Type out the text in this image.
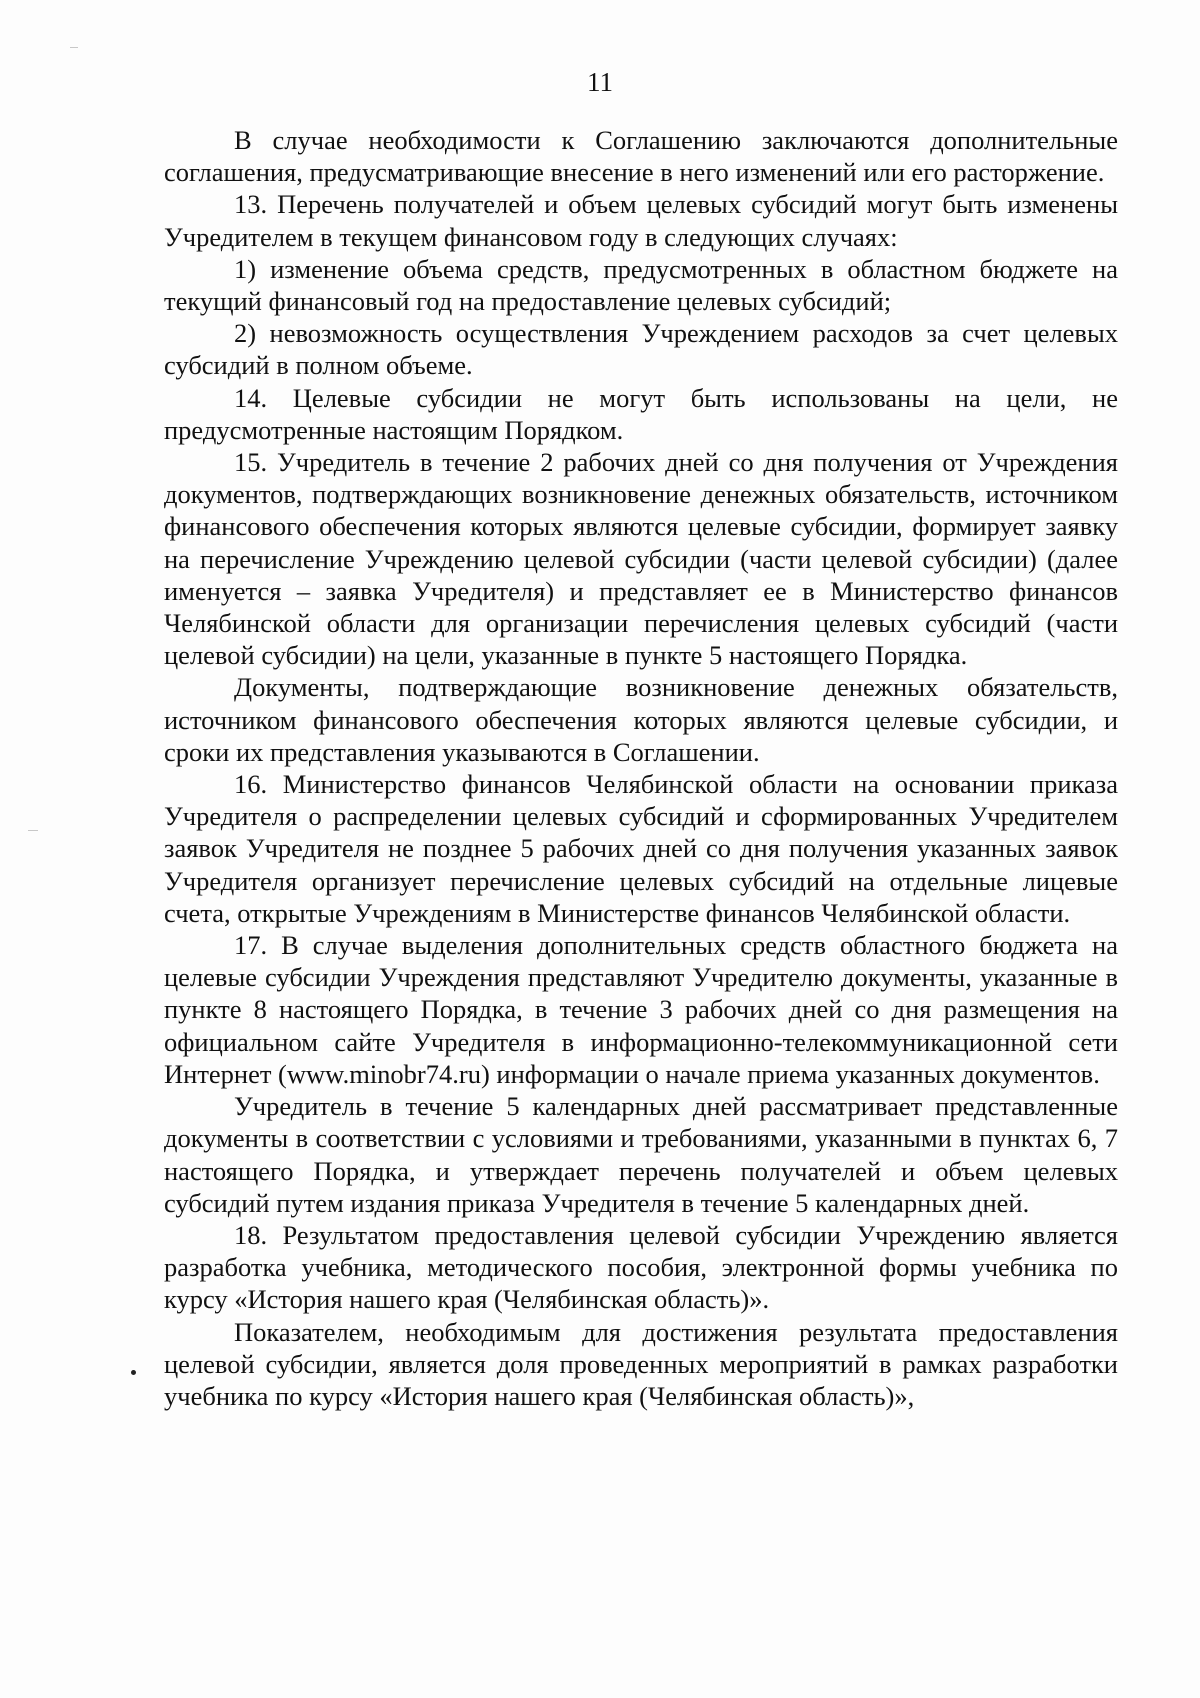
11

В случае необходимости к Соглашению заключаются дополнительные соглашения, предусматривающие внесение в него изменений или его расторжение.

13. Перечень получателей и объем целевых субсидий могут быть изменены Учредителем в текущем финансовом году в следующих случаях:

1) изменение объема средств, предусмотренных в областном бюджете на текущий финансовый год на предоставление целевых субсидий;

2) невозможность осуществления Учреждением расходов за счет целевых субсидий в полном объеме.

14. Целевые субсидии не могут быть использованы на цели, не предусмотренные настоящим Порядком.

15. Учредитель в течение 2 рабочих дней со дня получения от Учреждения документов, подтверждающих возникновение денежных обязательств, источником финансового обеспечения которых являются целевые субсидии, формирует заявку на перечисление Учреждению целевой субсидии (части целевой субсидии) (далее именуется – заявка Учредителя) и представляет ее в Министерство финансов Челябинской области для организации перечисления целевых субсидий (части целевой субсидии) на цели, указанные в пункте 5 настоящего Порядка.

Документы, подтверждающие возникновение денежных обязательств, источником финансового обеспечения которых являются целевые субсидии, и сроки их представления указываются в Соглашении.

16. Министерство финансов Челябинской области на основании приказа Учредителя о распределении целевых субсидий и сформированных Учредителем заявок Учредителя не позднее 5 рабочих дней со дня получения указанных заявок Учредителя организует перечисление целевых субсидий на отдельные лицевые счета, открытые Учреждениям в Министерстве финансов Челябинской области.

17. В случае выделения дополнительных средств областного бюджета на целевые субсидии Учреждения представляют Учредителю документы, указанные в пункте 8 настоящего Порядка, в течение 3 рабочих дней со дня размещения на официальном сайте Учредителя в информационно-телекоммуникационной сети Интернет (www.minobr74.ru) информации о начале приема указанных документов.

Учредитель в течение 5 календарных дней рассматривает представленные документы в соответствии с условиями и требованиями, указанными в пунктах 6, 7 настоящего Порядка, и утверждает перечень получателей и объем целевых субсидий путем издания приказа Учредителя в течение 5 календарных дней.

18. Результатом предоставления целевой субсидии Учреждению является разработка учебника, методического пособия, электронной формы учебника по курсу «История нашего края (Челябинская область)».

Показателем, необходимым для достижения результата предоставления целевой субсидии, является доля проведенных мероприятий в рамках разработки учебника по курсу «История нашего края (Челябинская область)»,
